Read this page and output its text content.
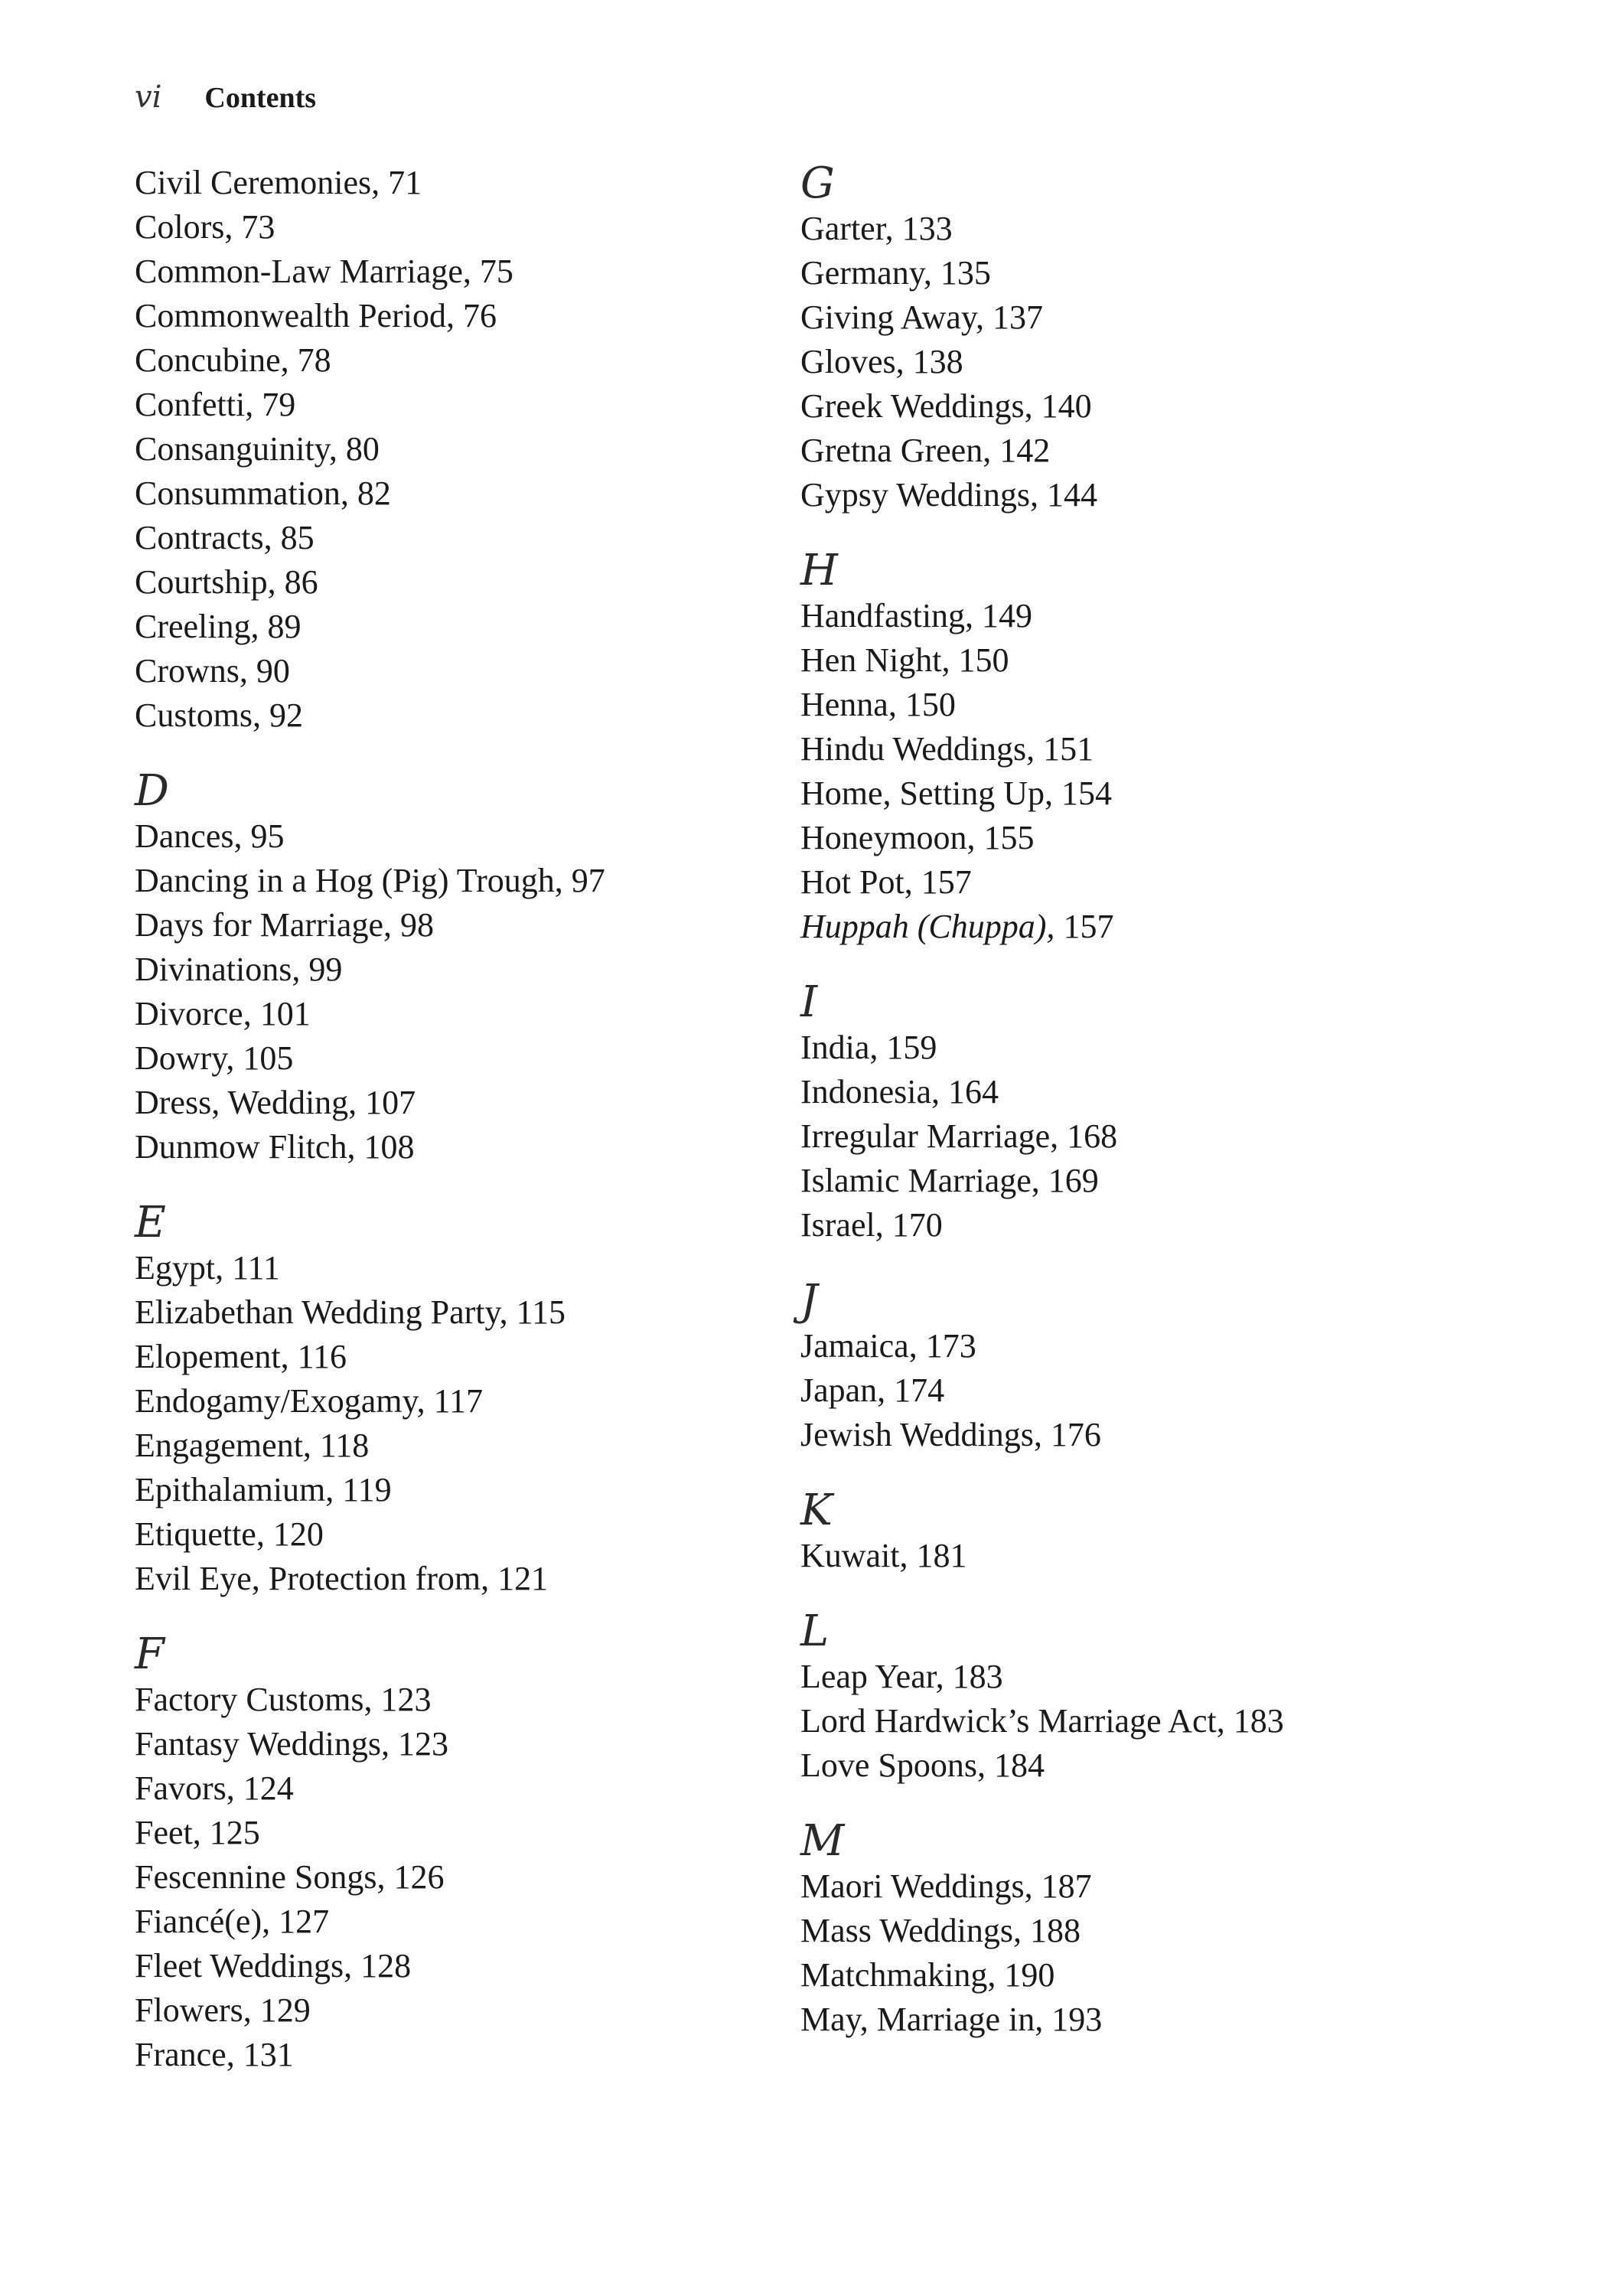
vi Contents
Civil Ceremonies, 71
Colors, 73
Common-Law Marriage, 75
Commonwealth Period, 76
Concubine, 78
Confetti, 79
Consanguinity, 80
Consummation, 82
Contracts, 85
Courtship, 86
Creeling, 89
Crowns, 90
Customs, 92
D
Dances, 95
Dancing in a Hog (Pig) Trough, 97
Days for Marriage, 98
Divinations, 99
Divorce, 101
Dowry, 105
Dress, Wedding, 107
Dunmow Flitch, 108
E
Egypt, 111
Elizabethan Wedding Party, 115
Elopement, 116
Endogamy/Exogamy, 117
Engagement, 118
Epithalamium, 119
Etiquette, 120
Evil Eye, Protection from, 121
F
Factory Customs, 123
Fantasy Weddings, 123
Favors, 124
Feet, 125
Fescennine Songs, 126
Fiancé(e), 127
Fleet Weddings, 128
Flowers, 129
France, 131
G
Garter, 133
Germany, 135
Giving Away, 137
Gloves, 138
Greek Weddings, 140
Gretna Green, 142
Gypsy Weddings, 144
H
Handfasting, 149
Hen Night, 150
Henna, 150
Hindu Weddings, 151
Home, Setting Up, 154
Honeymoon, 155
Hot Pot, 157
Huppah (Chuppa), 157
I
India, 159
Indonesia, 164
Irregular Marriage, 168
Islamic Marriage, 169
Israel, 170
J
Jamaica, 173
Japan, 174
Jewish Weddings, 176
K
Kuwait, 181
L
Leap Year, 183
Lord Hardwick’s Marriage Act, 183
Love Spoons, 184
M
Maori Weddings, 187
Mass Weddings, 188
Matchmaking, 190
May, Marriage in, 193
